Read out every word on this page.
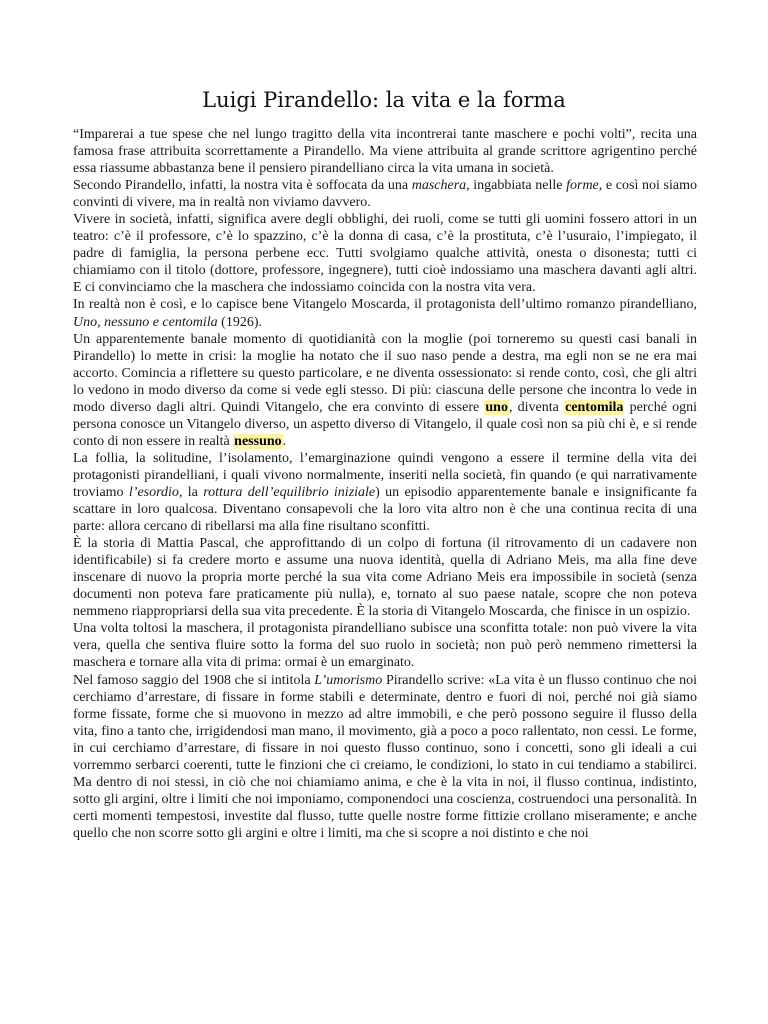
Luigi Pirandello: la vita e la forma

“Imparerai a tue spese che nel lungo tragitto della vita incontrerai tante maschere e pochi volti”, recita una famosa frase attribuita scorrettamente a Pirandello. Ma viene attribuita al grande scrittore agrigentino perché essa riassume abbastanza bene il pensiero pirandelliano circa la vita umana in società.

Secondo Pirandello, infatti, la nostra vita è soffocata da una maschera, ingabbiata nelle forme, e così noi siamo convinti di vivere, ma in realtà non viviamo davvero.

Vivere in società, infatti, significa avere degli obblighi, dei ruoli, come se tutti gli uomini fossero attori in un teatro: c’è il professore, c’è lo spazzino, c’è la donna di casa, c’è la prostituta, c’è l’usuraio, l’impiegato, il padre di famiglia, la persona perbene ecc. Tutti svolgiamo qualche attività, onesta o disonesta; tutti ci chiamiamo con il titolo (dottore, professore, ingegnere), tutti cioè indossiamo una maschera davanti agli altri. E ci convinciamo che la maschera che indossiamo coincida con la nostra vita vera.

In realtà non è così, e lo capisce bene Vitangelo Moscarda, il protagonista dell’ultimo romanzo pirandelliano, Uno, nessuno e centomila (1926).

Un apparentemente banale momento di quotidianità con la moglie (poi torneremo su questi casi banali in Pirandello) lo mette in crisi: la moglie ha notato che il suo naso pende a destra, ma egli non se ne era mai accorto. Comincia a riflettere su questo particolare, e ne diventa ossessionato: si rende conto, così, che gli altri lo vedono in modo diverso da come si vede egli stesso. Di più: ciascuna delle persone che incontra lo vede in modo diverso dagli altri. Quindi Vitangelo, che era convinto di essere uno, diventa centomila perché ogni persona conosce un Vitangelo diverso, un aspetto diverso di Vitangelo, il quale così non sa più chi è, e si rende conto di non essere in realtà nessuno.

La follia, la solitudine, l’isolamento, l’emarginazione quindi vengono a essere il termine della vita dei protagonisti pirandelliani, i quali vivono normalmente, inseriti nella società, fin quando (e qui narrativamente troviamo l’esordio, la rottura dell’equilibrio iniziale) un episodio apparentemente banale e insignificante fa scattare in loro qualcosa. Diventano consapevoli che la loro vita altro non è che una continua recita di una parte: allora cercano di ribellarsi ma alla fine risultano sconfitti.

È la storia di Mattia Pascal, che approfittando di un colpo di fortuna (il ritrovamento di un cadavere non identificabile) si fa credere morto e assume una nuova identità, quella di Adriano Meis, ma alla fine deve inscenare di nuovo la propria morte perché la sua vita come Adriano Meis era impossibile in società (senza documenti non poteva fare praticamente più nulla), e, tornato al suo paese natale, scopre che non poteva nemmeno riappropriarsi della sua vita precedente. È la storia di Vitangelo Moscarda, che finisce in un ospizio.

Una volta toltosi la maschera, il protagonista pirandelliano subisce una sconfitta totale: non può vivere la vita vera, quella che sentiva fluire sotto la forma del suo ruolo in società; non può però nemmeno rimettersi la maschera e tornare alla vita di prima: ormai è un emarginato.

Nel famoso saggio del 1908 che si intitola L’umorismo Pirandello scrive: «La vita è un flusso continuo che noi cerchiamo d’arrestare, di fissare in forme stabili e determinate, dentro e fuori di noi, perché noi già siamo forme fissate, forme che si muovono in mezzo ad altre immobili, e che però possono seguire il flusso della vita, fino a tanto che, irrigidendosi man mano, il movimento, già a poco a poco rallentato, non cessi. Le forme, in cui cerchiamo d’arrestare, di fissare in noi questo flusso continuo, sono i concetti, sono gli ideali a cui vorremmo serbarci coerenti, tutte le finzioni che ci creiamo, le condizioni, lo stato in cui tendiamo a stabilirci. Ma dentro di noi stessi, in ciò che noi chiamiamo anima, e che è la vita in noi, il flusso continua, indistinto, sotto gli argini, oltre i limiti che noi imponiamo, componendoci una coscienza, costruendoci una personalità. In certi momenti tempestosi, investite dal flusso, tutte quelle nostre forme fittizie crollano miseramente; e anche quello che non scorre sotto gli argini e oltre i limiti, ma che si scopre a noi distinto e che noi
